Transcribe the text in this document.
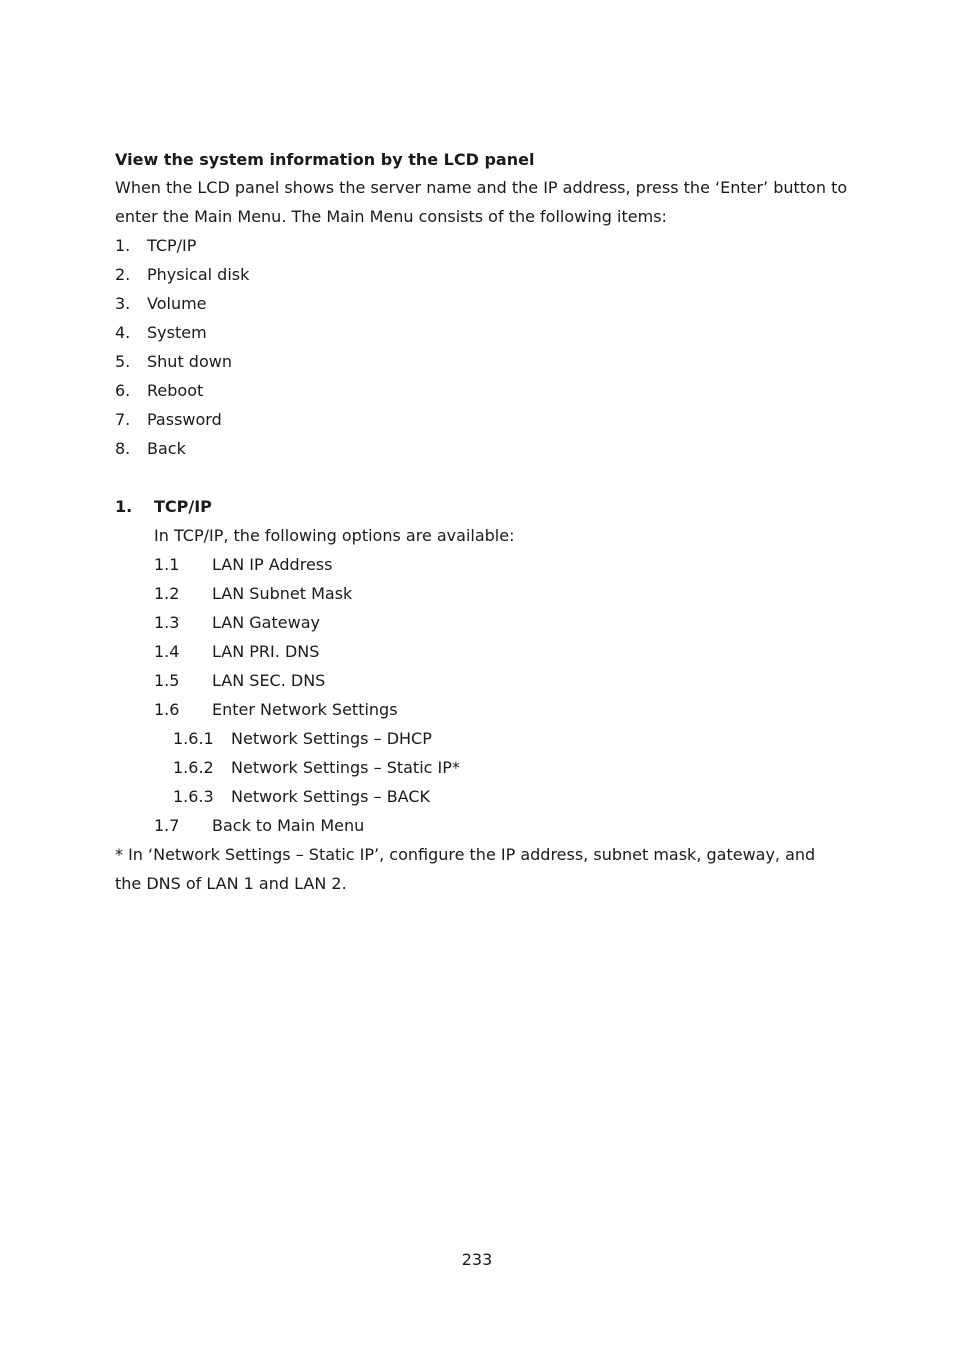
View the system information by the LCD panel
When the LCD panel shows the server name and the IP address, press the ‘Enter’ button to
enter the Main Menu. The Main Menu consists of the following items:
1. TCP/IP
2. Physical disk
3. Volume
4. System
5. Shut down
6. Reboot
7. Password
8. Back
1. TCP/IP
In TCP/IP, the following options are available:
1.1 LAN IP Address
1.2 LAN Subnet Mask
1.3 LAN Gateway
1.4 LAN PRI. DNS
1.5 LAN SEC. DNS
1.6 Enter Network Settings
1.6.1 Network Settings – DHCP
1.6.2 Network Settings – Static IP*
1.6.3 Network Settings – BACK
1.7 Back to Main Menu
* In ‘Network Settings – Static IP’, configure the IP address, subnet mask, gateway, and
the DNS of LAN 1 and LAN 2.
233
